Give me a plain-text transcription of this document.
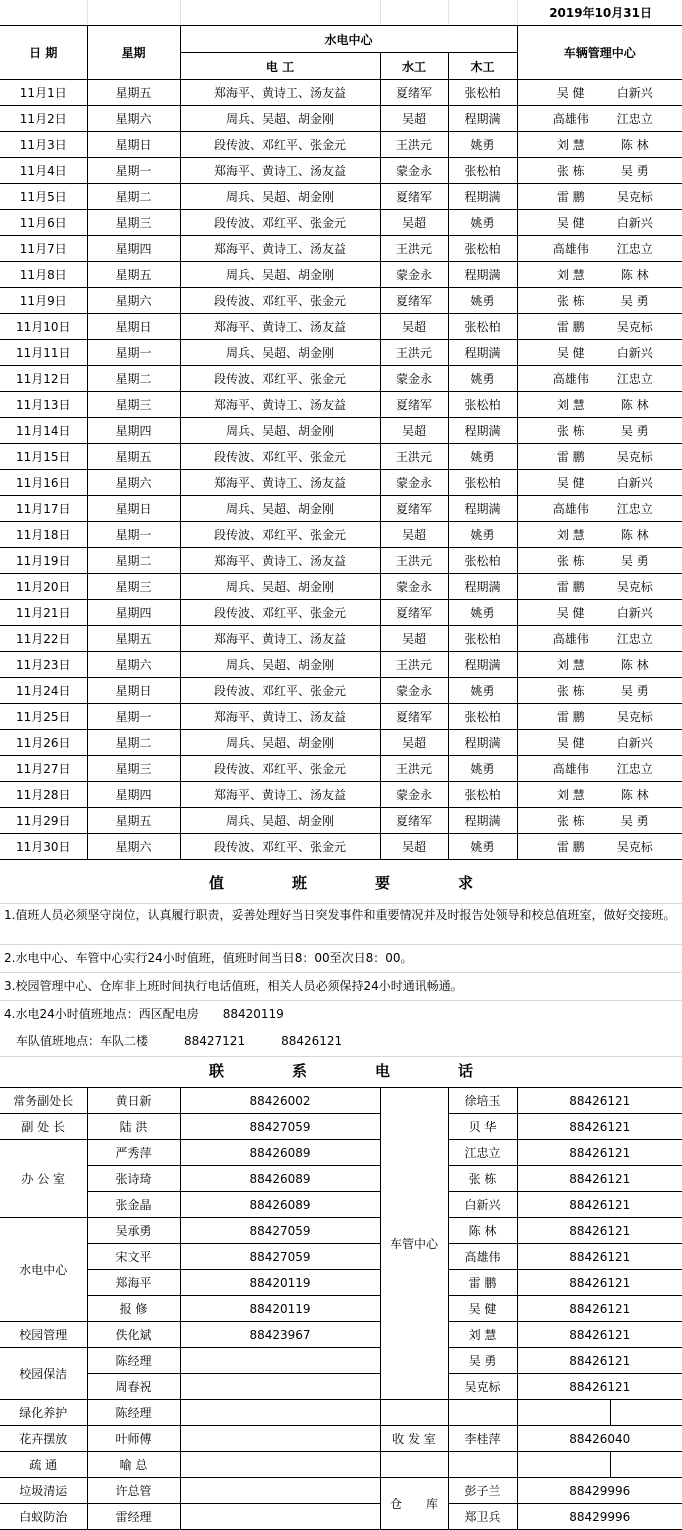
					2019年10月31日
日 期	星期	水电中心			车辆管理中心
		电 工	水工	木工	
11月1日	星期五	郑海平、黄诗工、汤友益	夏绪军	张松柏	吴 健 白新兴
11月2日	星期六	周兵、吴超、胡金刚	吴超	程期满	高雄伟 江忠立
11月3日	星期日	段传波、邓红平、张金元	王洪元	姚勇	刘 慧 陈 林
11月4日	星期一	郑海平、黄诗工、汤友益	蒙金永	张松柏	张 栋 吴 勇
11月5日	星期二	周兵、吴超、胡金刚	夏绪军	程期满	雷 鹏 吴克标
11月6日	星期三	段传波、邓红平、张金元	吴超	姚勇	吴 健 白新兴
11月7日	星期四	郑海平、黄诗工、汤友益	王洪元	张松柏	高雄伟 江忠立
11月8日	星期五	周兵、吴超、胡金刚	蒙金永	程期满	刘 慧 陈 林
11月9日	星期六	段传波、邓红平、张金元	夏绪军	姚勇	张 栋 吴 勇
11月10日	星期日	郑海平、黄诗工、汤友益	吴超	张松柏	雷 鹏 吴克标
11月11日	星期一	周兵、吴超、胡金刚	王洪元	程期满	吴 健 白新兴
11月12日	星期二	段传波、邓红平、张金元	蒙金永	姚勇	高雄伟 江忠立
11月13日	星期三	郑海平、黄诗工、汤友益	夏绪军	张松柏	刘 慧 陈 林
11月14日	星期四	周兵、吴超、胡金刚	吴超	程期满	张 栋 吴 勇
11月15日	星期五	段传波、邓红平、张金元	王洪元	姚勇	雷 鹏 吴克标
11月16日	星期六	郑海平、黄诗工、汤友益	蒙金永	张松柏	吴 健 白新兴
11月17日	星期日	周兵、吴超、胡金刚	夏绪军	程期满	高雄伟 江忠立
11月18日	星期一	段传波、邓红平、张金元	吴超	姚勇	刘 慧 陈 林
11月19日	星期二	郑海平、黄诗工、汤友益	王洪元	张松柏	张 栋 吴 勇
11月20日	星期三	周兵、吴超、胡金刚	蒙金永	程期满	雷 鹏 吴克标
11月21日	星期四	段传波、邓红平、张金元	夏绪军	姚勇	吴 健 白新兴
11月22日	星期五	郑海平、黄诗工、汤友益	吴超	张松柏	高雄伟 江忠立
11月23日	星期六	周兵、吴超、胡金刚	王洪元	程期满	刘 慧 陈 林
11月24日	星期日	段传波、邓红平、张金元	蒙金永	姚勇	张 栋 吴 勇
11月25日	星期一	郑海平、黄诗工、汤友益	夏绪军	张松柏	雷 鹏 吴克标
11月26日	星期二	周兵、吴超、胡金刚	吴超	程期满	吴 健 白新兴
11月27日	星期三	段传波、邓红平、张金元	王洪元	姚勇	高雄伟 江忠立
11月28日	星期四	郑海平、黄诗工、汤友益	蒙金永	张松柏	刘 慧 陈 林
11月29日	星期五	周兵、吴超、胡金刚	夏绪军	程期满	张 栋 吴 勇
11月30日	星期六	段传波、邓红平、张金元	吴超	姚勇	雷 鹏 吴克标
值	班	要	求
1.值班人员必须坚守岗位，认真履行职责，妥善处理好当日突发事件和重要情况并及时报告处领导和校总值班室，做好交接班。
2.水电中心、车管中心实行24小时值班，值班时间当日8：00至次日8：00。
3.校园管理中心、仓库非上班时间执行电话值班，相关人员必须保持24小时通讯畅通。
4.水电24小时值班地点：西区配电房　　88420119
　车队值班地点：车队二楼　　　88427121　　　88426121
联	系	电	话
常务副处长	黄日新	88426002	车管中心	徐培玉	88426121	
副 处 长	陆 洪	88427059		贝 华	88426121	
办 公 室	严秀萍	88426089		江忠立	88426121	
	张诗琦	88426089		张 栋	88426121	
	张金晶	88426089		白新兴	88426121	
水电中心	吴承勇	88427059		陈 林	88426121	
	宋文平	88427059		高雄伟	88426121	
	郑海平	88420119		雷 鹏	88426121	
	报 修	88420119		吴 健	88426121	
校园管理	佚化斌	88423967		刘 慧	88426121	
校园保洁	陈经理			吴 勇	88426121	
	周春祝			吴克标	88426121	
绿化养护	陈经理					
花卉摆放	叶师傅		收 发 室	李桂萍	88426040	
疏 通	喻 总					
垃圾清运	许总管		仓　　库	彭子兰	88429996	
白蚁防治	雷经理			郑卫兵	88429996	
